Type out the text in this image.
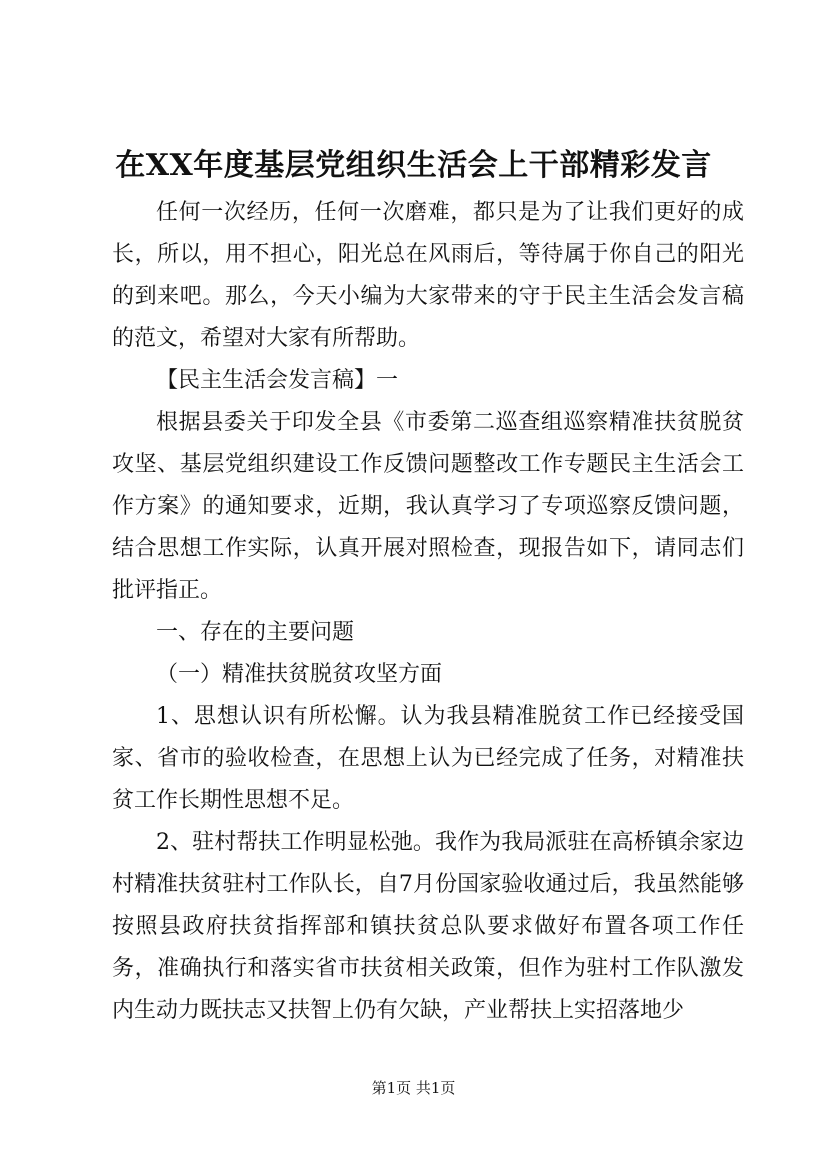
在XX年度基层党组织生活会上干部精彩发言

任何一次经历，任何一次磨难，都只是为了让我们更好的成长，所以，用不担心，阳光总在风雨后，等待属于你自己的阳光的到来吧。那么，今天小编为大家带来的守于民主生活会发言稿的范文，希望对大家有所帮助。

【民主生活会发言稿】一

根据县委关于印发全县《市委第二巡查组巡察精准扶贫脱贫攻坚、基层党组织建设工作反馈问题整改工作专题民主生活会工作方案》的通知要求，近期，我认真学习了专项巡察反馈问题，结合思想工作实际，认真开展对照检查，现报告如下，请同志们批评指正。

一、存在的主要问题

（一）精准扶贫脱贫攻坚方面

1、思想认识有所松懈。认为我县精准脱贫工作已经接受国家、省市的验收检查，在思想上认为已经完成了任务，对精准扶贫工作长期性思想不足。

2、驻村帮扶工作明显松弛。我作为我局派驻在高桥镇余家边村精准扶贫驻村工作队长，自7月份国家验收通过后，我虽然能够按照县政府扶贫指挥部和镇扶贫总队要求做好布置各项工作任务，准确执行和落实省市扶贫相关政策，但作为驻村工作队激发内生动力既扶志又扶智上仍有欠缺，产业帮扶上实招落地少

第1页 共1页
